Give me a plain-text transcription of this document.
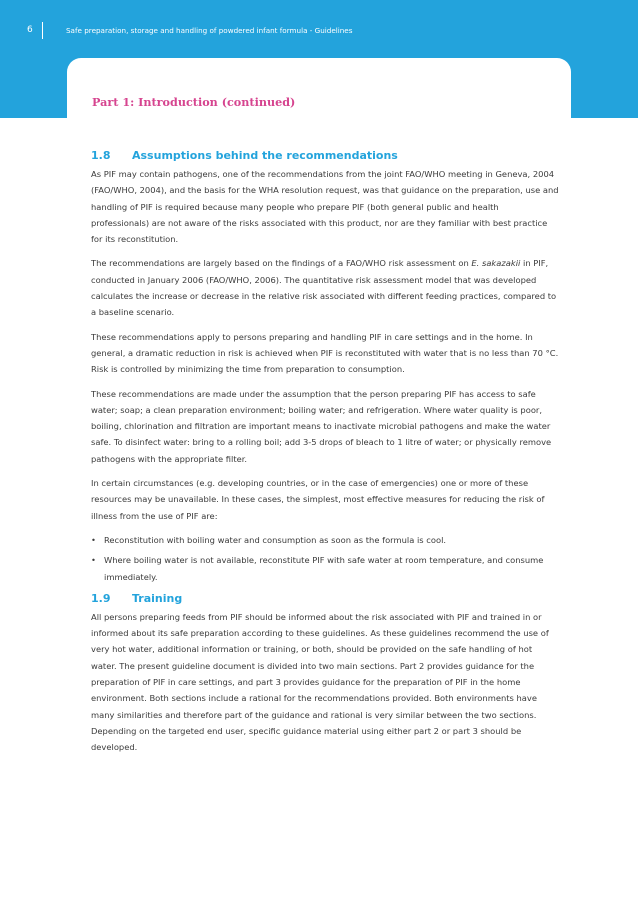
6	Safe preparation, storage and handling of powdered infant formula - Guidelines
Part 1: Introduction (continued)
1.8 Assumptions behind the recommendations

As PIF may contain pathogens, one of the recommendations from the joint FAO/WHO meeting in Geneva, 2004 (FAO/WHO, 2004), and the basis for the WHA resolution request, was that guidance on the preparation, use and handling of PIF is required because many people who prepare PIF (both general public and health professionals) are not aware of the risks associated with this product, nor are they familiar with best practice for its reconstitution.

The recommendations are largely based on the findings of a FAO/WHO risk assessment on E. sakazakii in PIF, conducted in January 2006 (FAO/WHO, 2006). The quantitative risk assessment model that was developed calculates the increase or decrease in the relative risk associated with different feeding practices, compared to a baseline scenario.

These recommendations apply to persons preparing and handling PIF in care settings and in the home. In general, a dramatic reduction in risk is achieved when PIF is reconstituted with water that is no less than 70 °C. Risk is controlled by minimizing the time from preparation to consumption.

These recommendations are made under the assumption that the person preparing PIF has access to safe water; soap; a clean preparation environment; boiling water; and refrigeration. Where water quality is poor, boiling, chlorination and filtration are important means to inactivate microbial pathogens and make the water safe. To disinfect water: bring to a rolling boil; add 3-5 drops of bleach to 1 litre of water; or physically remove pathogens with the appropriate filter.

In certain circumstances (e.g. developing countries, or in the case of emergencies) one or more of these resources may be unavailable. In these cases, the simplest, most effective measures for reducing the risk of illness from the use of PIF are:

• Reconstitution with boiling water and consumption as soon as the formula is cool.
• Where boiling water is not available, reconstitute PIF with safe water at room temperature, and consume immediately.
1.9 Training

All persons preparing feeds from PIF should be informed about the risk associated with PIF and trained in or informed about its safe preparation according to these guidelines. As these guidelines recommend the use of very hot water, additional information or training, or both, should be provided on the safe handling of hot water. The present guideline document is divided into two main sections. Part 2 provides guidance for the preparation of PIF in care settings, and part 3 provides guidance for the preparation of PIF in the home environment. Both sections include a rational for the recommendations provided. Both environments have many similarities and therefore part of the guidance and rational is very similar between the two sections. Depending on the targeted end user, specific guidance material using either part 2 or part 3 should be developed.
